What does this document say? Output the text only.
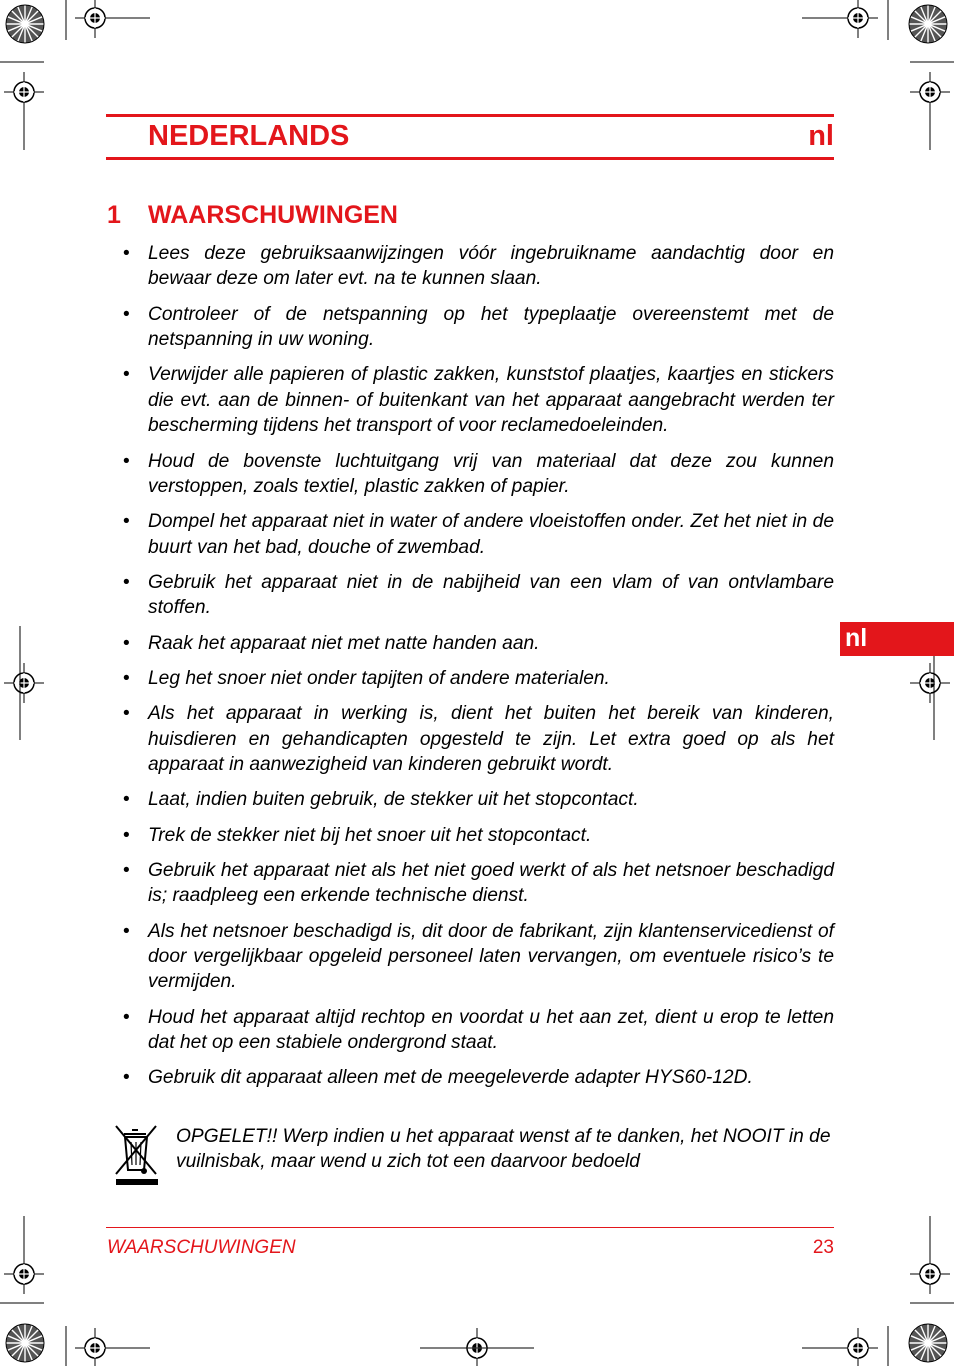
NEDERLANDS	nl
1 WAARSCHUWINGEN
• Lees deze gebruiksaanwijzingen vóór ingebruikname aandachtig door en bewaar deze om later evt. na te kunnen slaan.
• Controleer of de netspanning op het typeplaatje overeenstemt met de netspanning in uw woning.
• Verwijder alle papieren of plastic zakken, kunststof plaatjes, kaartjes en stickers die evt. aan de binnen- of buitenkant van het apparaat aangebracht werden ter bescherming tijdens het transport of voor reclamedoeleinden.
• Houd de bovenste luchtuitgang vrij van materiaal dat deze zou kunnen verstoppen, zoals textiel, plastic zakken of papier.
• Dompel het apparaat niet in water of andere vloeistoffen onder. Zet het niet in de buurt van het bad, douche of zwembad.
• Gebruik het apparaat niet in de nabijheid van een vlam of van ontvlambare stoffen.
• Raak het apparaat niet met natte handen aan.
• Leg het snoer niet onder tapijten of andere materialen.
• Als het apparaat in werking is, dient het buiten het bereik van kinderen, huisdieren en gehandicapten opgesteld te zijn. Let extra goed op als het apparaat in aanwezigheid van kinderen gebruikt wordt.
• Laat, indien buiten gebruik, de stekker uit het stopcontact.
• Trek de stekker niet bij het snoer uit het stopcontact.
• Gebruik het apparaat niet als het niet goed werkt of als het netsnoer beschadigd is; raadpleeg een erkende technische dienst.
• Als het netsnoer beschadigd is, dit door de fabrikant, zijn klantenservicedienst of door vergelijkbaar opgeleid personeel laten vervangen, om eventuele risico’s te vermijden.
• Houd het apparaat altijd rechtop en voordat u het aan zet, dient u erop te letten dat het op een stabiele ondergrond staat.
• Gebruik dit apparaat alleen met de meegeleverde adapter HYS60-12D.
OPGELET!! Werp indien u het apparaat wenst af te danken, het NOOIT in de vuilnisbak, maar wend u zich tot een daarvoor bedoeld
nl
WAARSCHUWINGEN	23
